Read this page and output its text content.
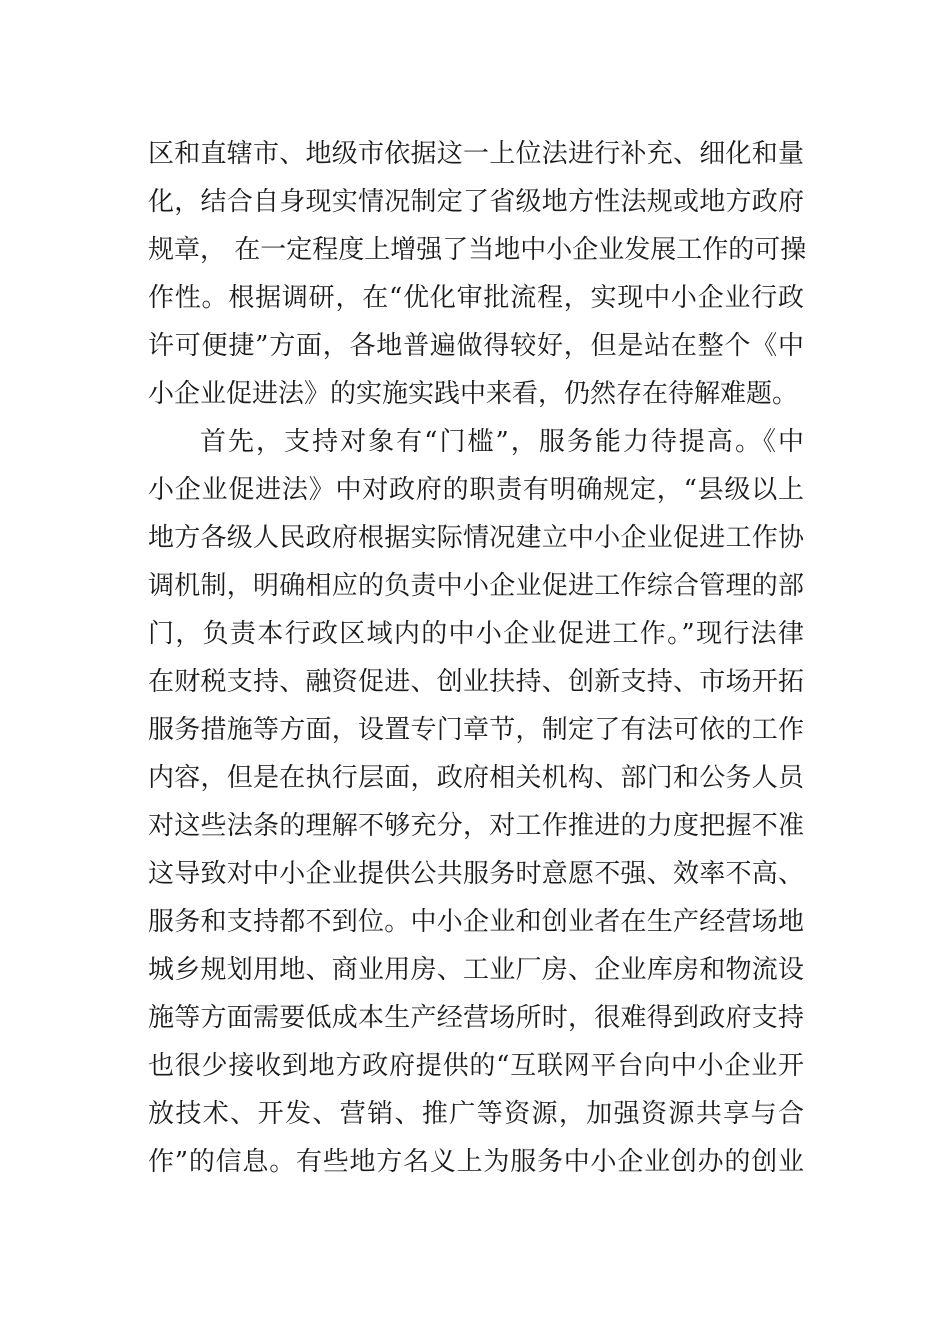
区和直辖市、地级市依据这一上位法进行补充、细化和量
化，结合自身现实情况制定了省级地方性法规或地方政府
规章， 在一定程度上增强了当地中小企业发展工作的可操
作性。根据调研，在“优化审批流程，实现中小企业行政
许可便捷”方面，各地普遍做得较好，但是站在整个《中
小企业促进法》的实施实践中来看，仍然存在待解难题。
首先，支持对象有“门槛”，服务能力待提高。《中
小企业促进法》中对政府的职责有明确规定，“县级以上
地方各级人民政府根据实际情况建立中小企业促进工作协
调机制，明确相应的负责中小企业促进工作综合管理的部
门，负责本行政区域内的中小企业促进工作。”现行法律
在财税支持、融资促进、创业扶持、创新支持、市场开拓
服务措施等方面，设置专门章节，制定了有法可依的工作
内容，但是在执行层面，政府相关机构、部门和公务人员
对这些法条的理解不够充分，对工作推进的力度把握不准
这导致对中小企业提供公共服务时意愿不强、效率不高、
服务和支持都不到位。中小企业和创业者在生产经营场地
城乡规划用地、商业用房、工业厂房、企业库房和物流设
施等方面需要低成本生产经营场所时，很难得到政府支持
也很少接收到地方政府提供的“互联网平台向中小企业开
放技术、开发、营销、推广等资源，加强资源共享与合
作”的信息。有些地方名义上为服务中小企业创办的创业
